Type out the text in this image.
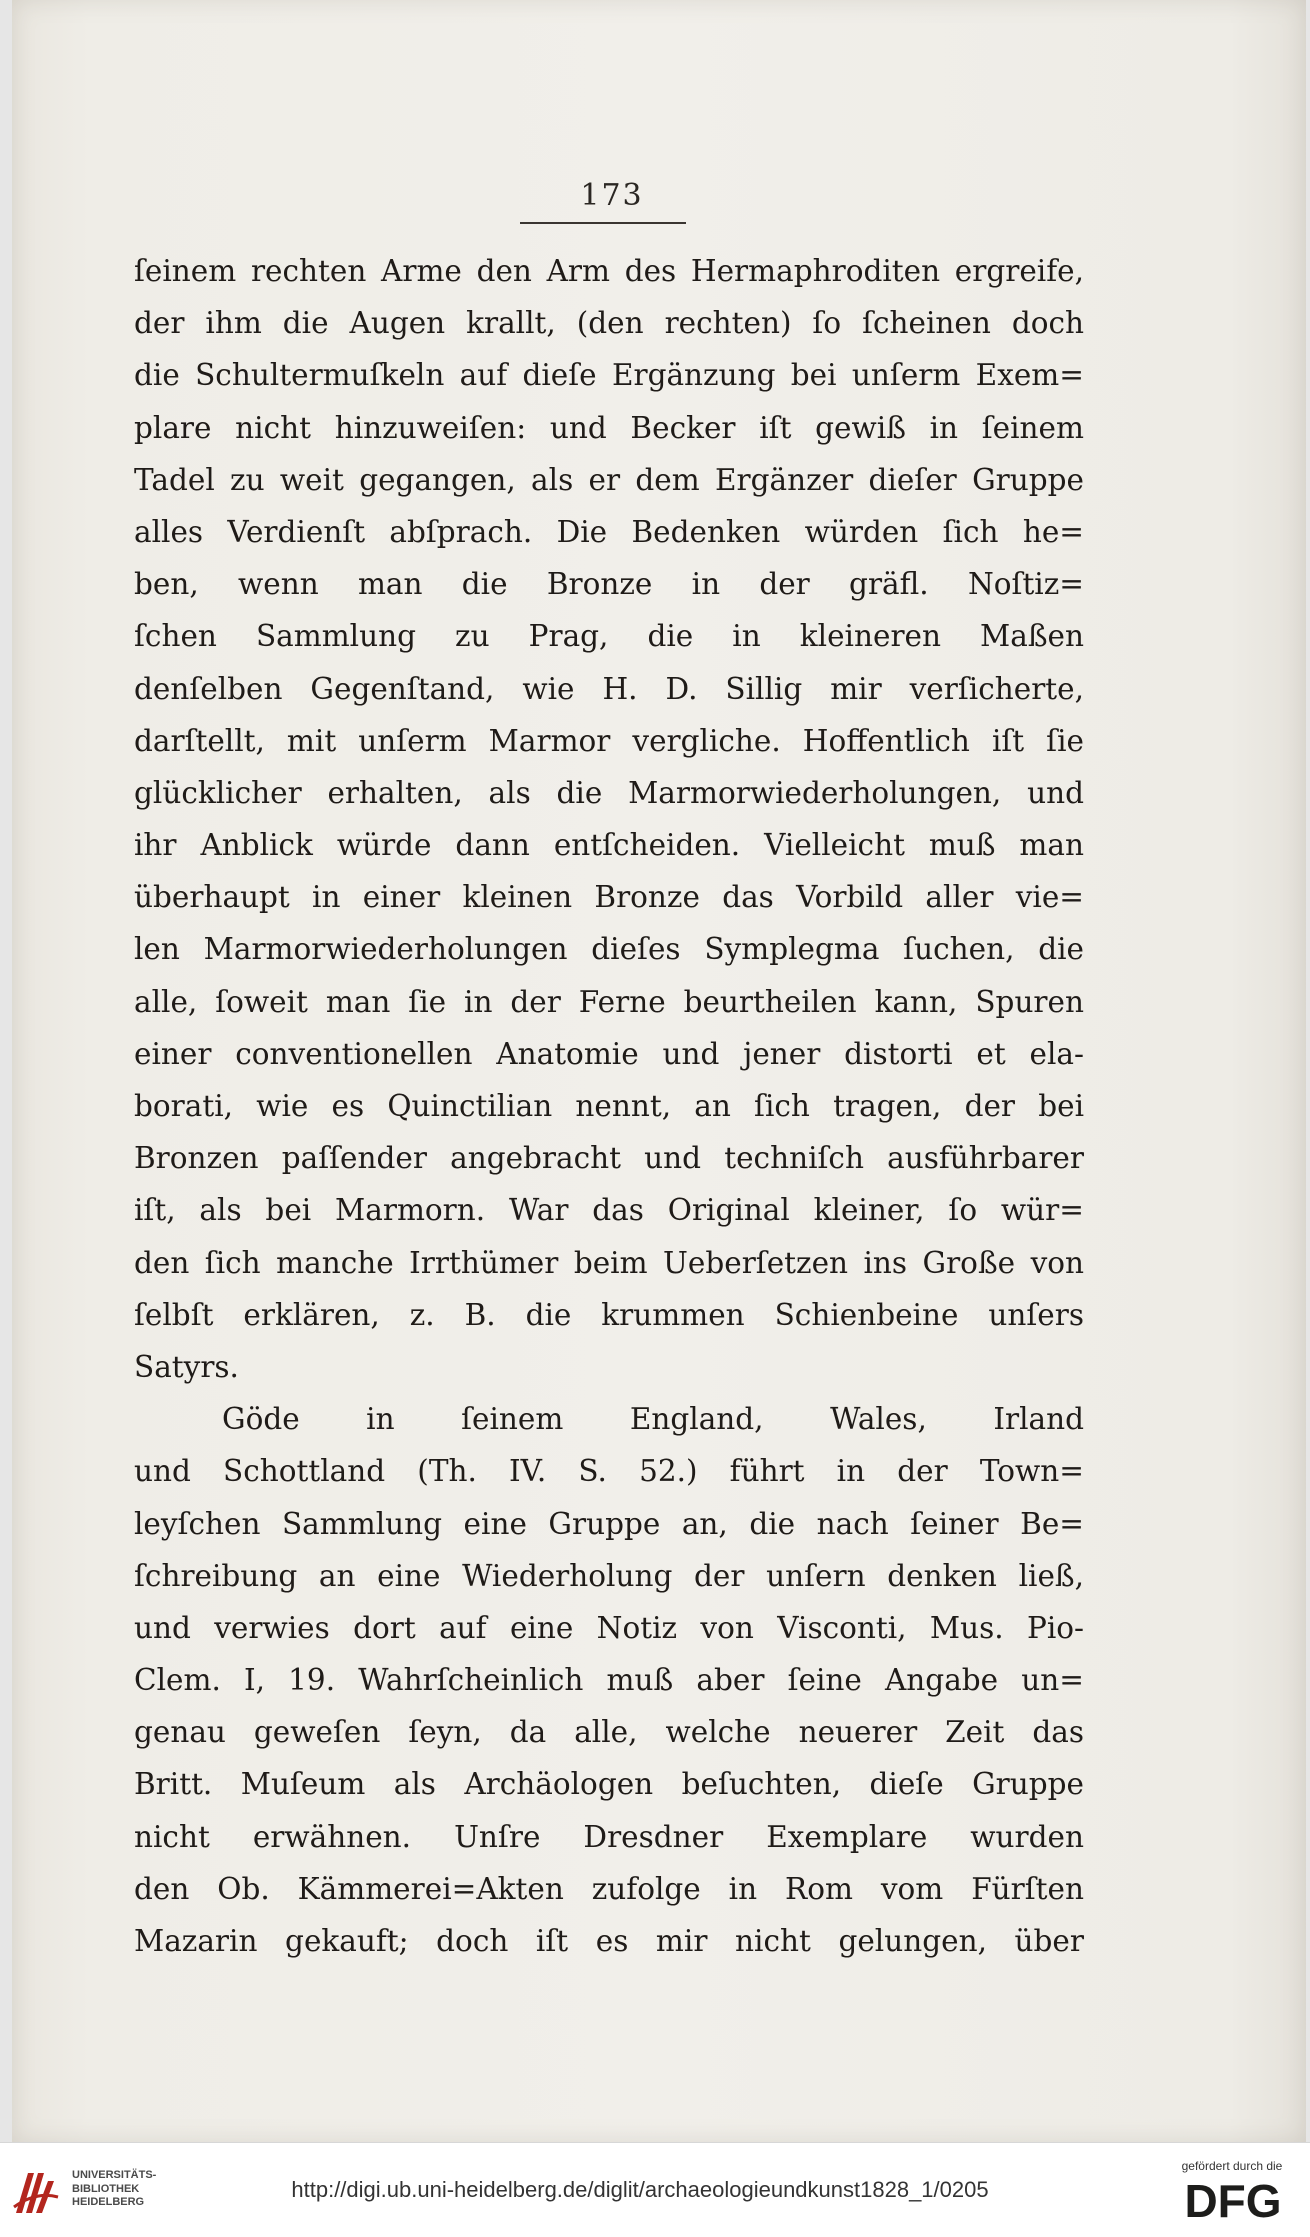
173
ſeinem rechten Arme den Arm des Hermaphroditen ergreife,
der ihm die Augen krallt, (den rechten) ſo ſcheinen doch
die Schultermuſkeln auf dieſe Ergänzung bei unſerm Exem=
plare nicht hinzuweiſen: und Becker iſt gewiß in ſeinem
Tadel zu weit gegangen, als er dem Ergänzer dieſer Gruppe
alles Verdienſt abſprach. Die Bedenken würden ſich he=
ben, wenn man die Bronze in der gräfl. Noſtiz=
ſchen Sammlung zu Prag, die in kleineren Maßen
denſelben Gegenſtand, wie H. D. Sillig mir verſicherte,
darſtellt, mit unſerm Marmor vergliche. Hoffentlich iſt ſie
glücklicher erhalten, als die Marmorwiederholungen, und
ihr Anblick würde dann entſcheiden. Vielleicht muß man
überhaupt in einer kleinen Bronze das Vorbild aller vie=
len Marmorwiederholungen dieſes Symplegma ſuchen, die
alle, ſoweit man ſie in der Ferne beurtheilen kann, Spuren
einer conventionellen Anatomie und jener distorti et ela-
borati, wie es Quinctilian nennt, an ſich tragen, der bei
Bronzen paſſender angebracht und techniſch ausführbarer
iſt, als bei Marmorn. War das Original kleiner, ſo wür=
den ſich manche Irrthümer beim Ueberſetzen ins Große von
ſelbſt erklären, z. B. die krummen Schienbeine unſers
Satyrs.
Göde in ſeinem England, Wales, Irland
und Schottland (Th. IV. S. 52.) führt in der Town=
leyſchen Sammlung eine Gruppe an, die nach ſeiner Be=
ſchreibung an eine Wiederholung der unſern denken ließ,
und verwies dort auf eine Notiz von Visconti, Mus. Pio-
Clem. I, 19. Wahrſcheinlich muß aber ſeine Angabe un=
genau geweſen ſeyn, da alle, welche neuerer Zeit das
Britt. Muſeum als Archäologen beſuchten, dieſe Gruppe
nicht erwähnen. Unſre Dresdner Exemplare wurden
den Ob. Kämmerei=Akten zufolge in Rom vom Fürſten
Mazarin gekauft; doch iſt es mir nicht gelungen, über
UNIVERSITÄTS-
BIBLIOTHEK
HEIDELBERG	http://digi.ub.uni-heidelberg.de/diglit/archaeologieundkunst1828_1/0205
gefördert durch die
DFG
